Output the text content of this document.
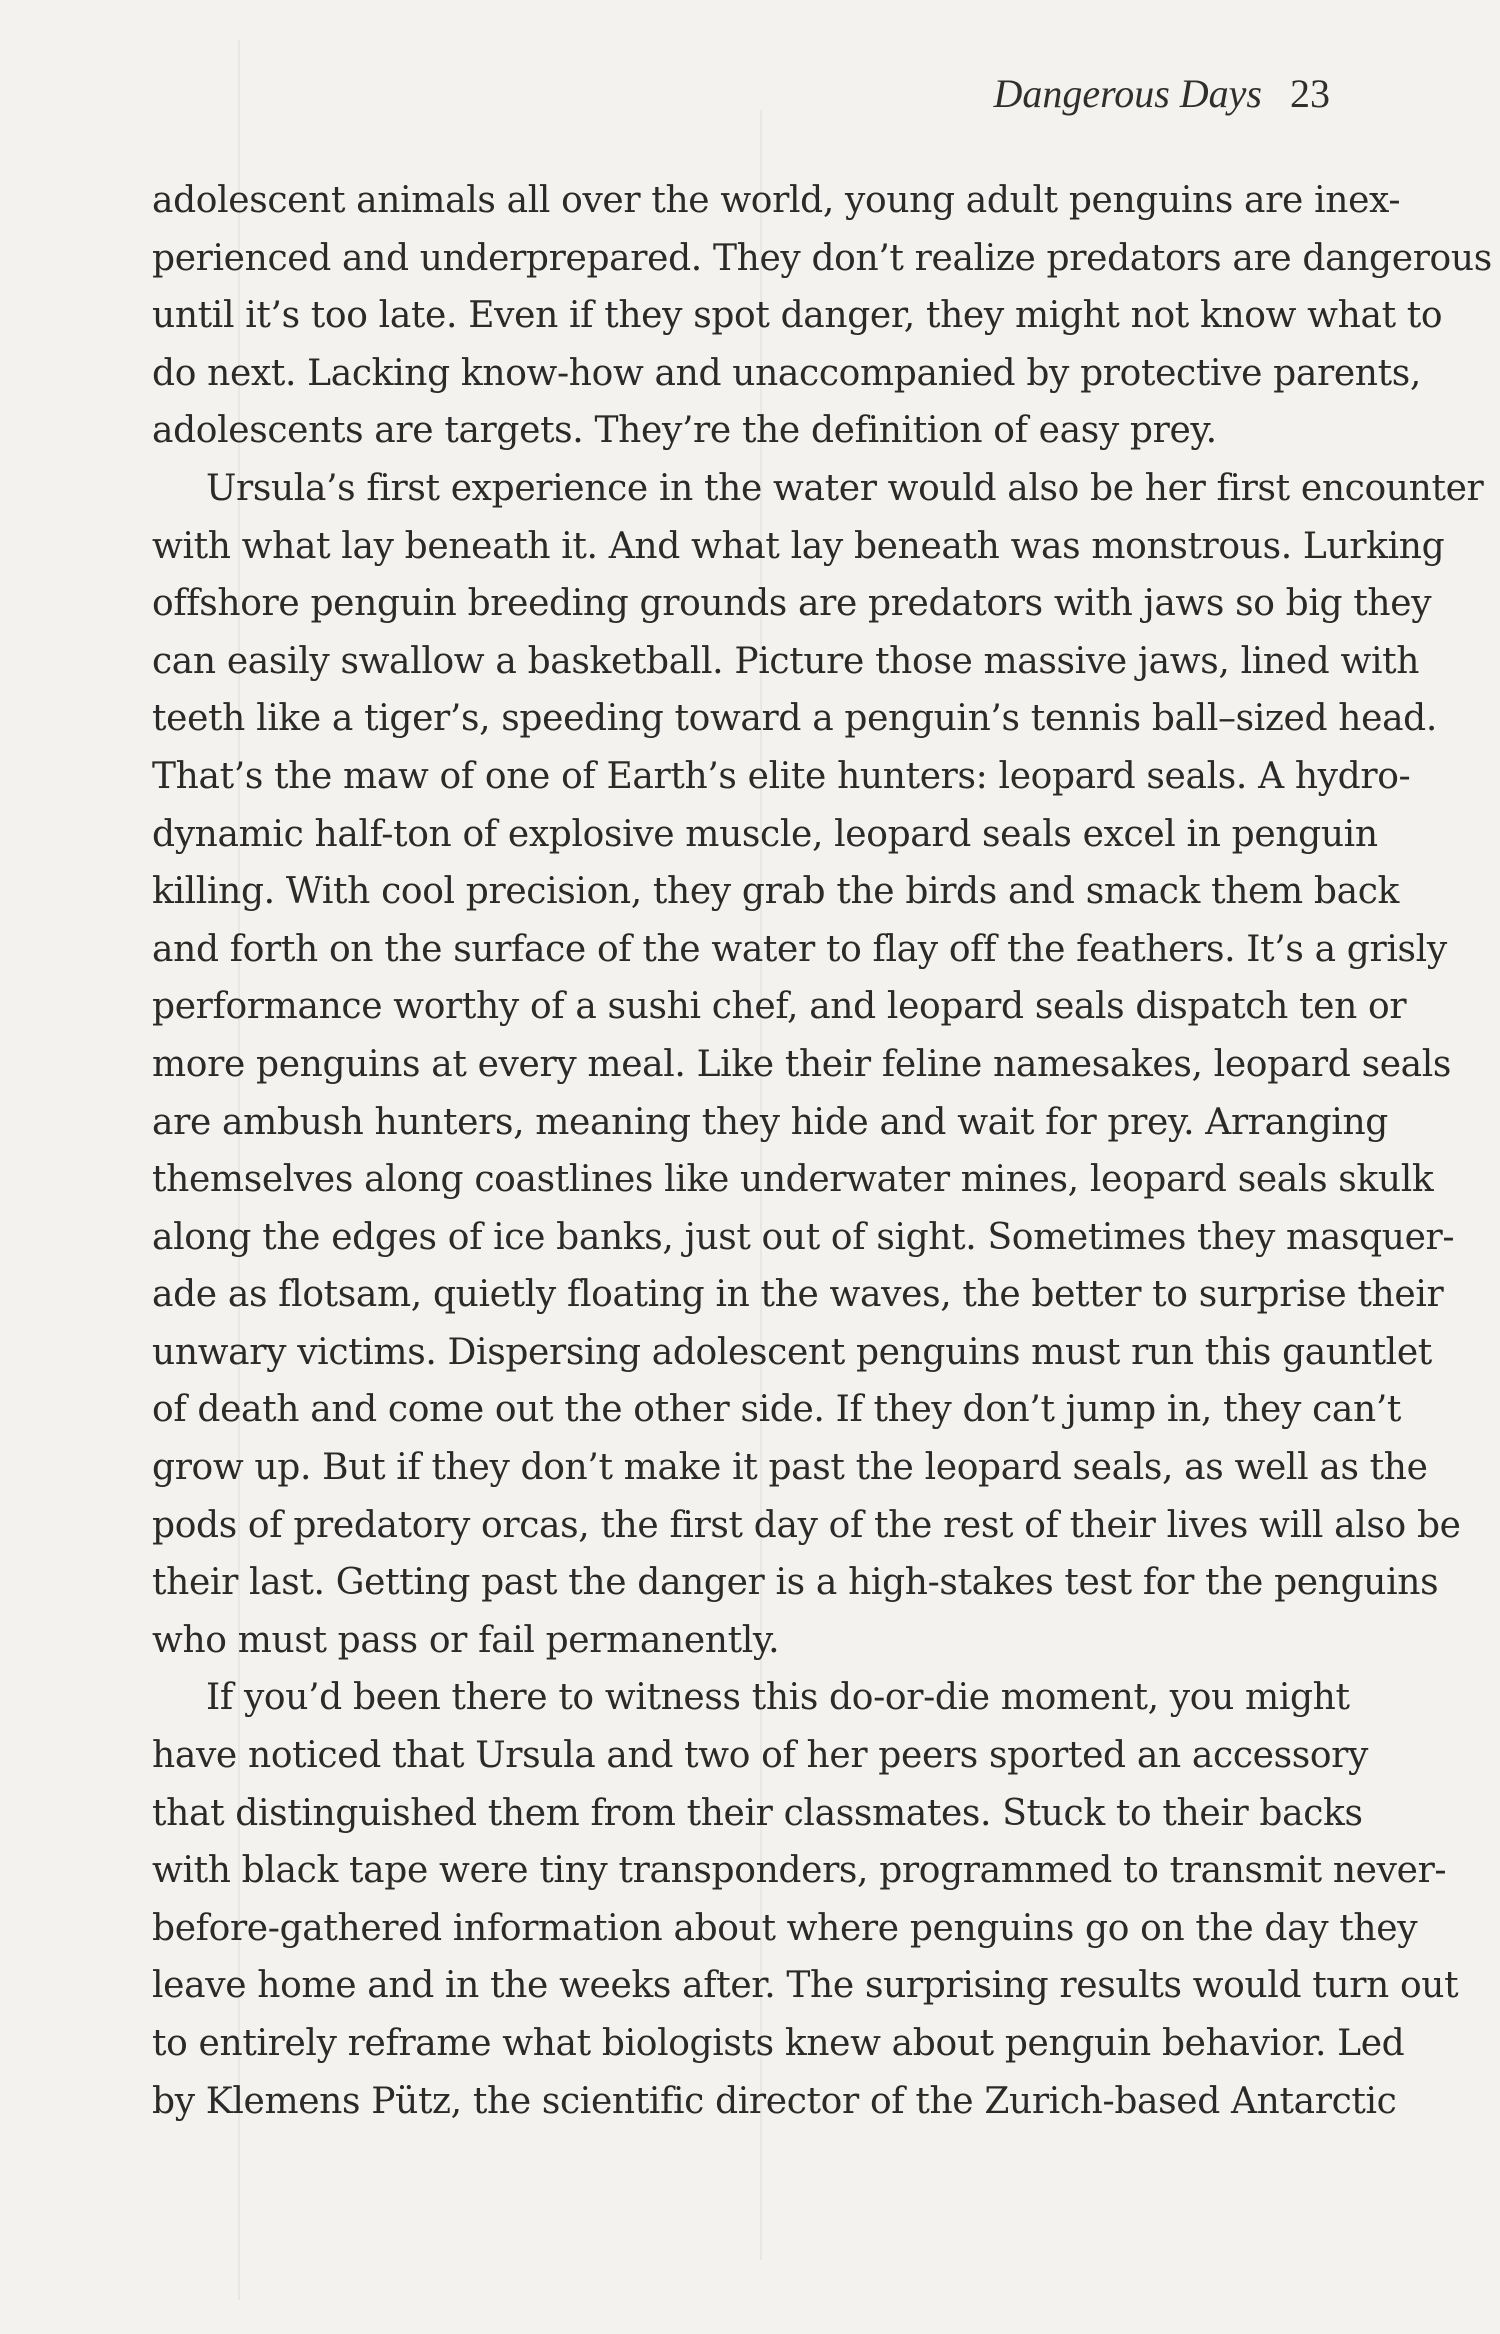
Dangerous Days 23
adolescent animals all over the world, young adult penguins are inex-
perienced and underprepared. They don’t realize predators are dangerous
until it’s too late. Even if they spot danger, they might not know what to
do next. Lacking know-how and unaccompanied by protective parents,
adolescents are targets. They’re the definition of easy prey.
Ursula’s first experience in the water would also be her first encounter
with what lay beneath it. And what lay beneath was monstrous. Lurking
offshore penguin breeding grounds are predators with jaws so big they
can easily swallow a basketball. Picture those massive jaws, lined with
teeth like a tiger’s, speeding toward a penguin’s tennis ball–sized head.
That’s the maw of one of Earth’s elite hunters: leopard seals. A hydro-
dynamic half-ton of explosive muscle, leopard seals excel in penguin
killing. With cool precision, they grab the birds and smack them back
and forth on the surface of the water to flay off the feathers. It’s a grisly
performance worthy of a sushi chef, and leopard seals dispatch ten or
more penguins at every meal. Like their feline namesakes, leopard seals
are ambush hunters, meaning they hide and wait for prey. Arranging
themselves along coastlines like underwater mines, leopard seals skulk
along the edges of ice banks, just out of sight. Sometimes they masquer-
ade as flotsam, quietly floating in the waves, the better to surprise their
unwary victims. Dispersing adolescent penguins must run this gauntlet
of death and come out the other side. If they don’t jump in, they can’t
grow up. But if they don’t make it past the leopard seals, as well as the
pods of predatory orcas, the first day of the rest of their lives will also be
their last. Getting past the danger is a high-stakes test for the penguins
who must pass or fail permanently.
If you’d been there to witness this do-or-die moment, you might
have noticed that Ursula and two of her peers sported an accessory
that distinguished them from their classmates. Stuck to their backs
with black tape were tiny transponders, programmed to transmit never-
before-gathered information about where penguins go on the day they
leave home and in the weeks after. The surprising results would turn out
to entirely reframe what biologists knew about penguin behavior. Led
by Klemens Pütz, the scientific director of the Zurich-based Antarctic
